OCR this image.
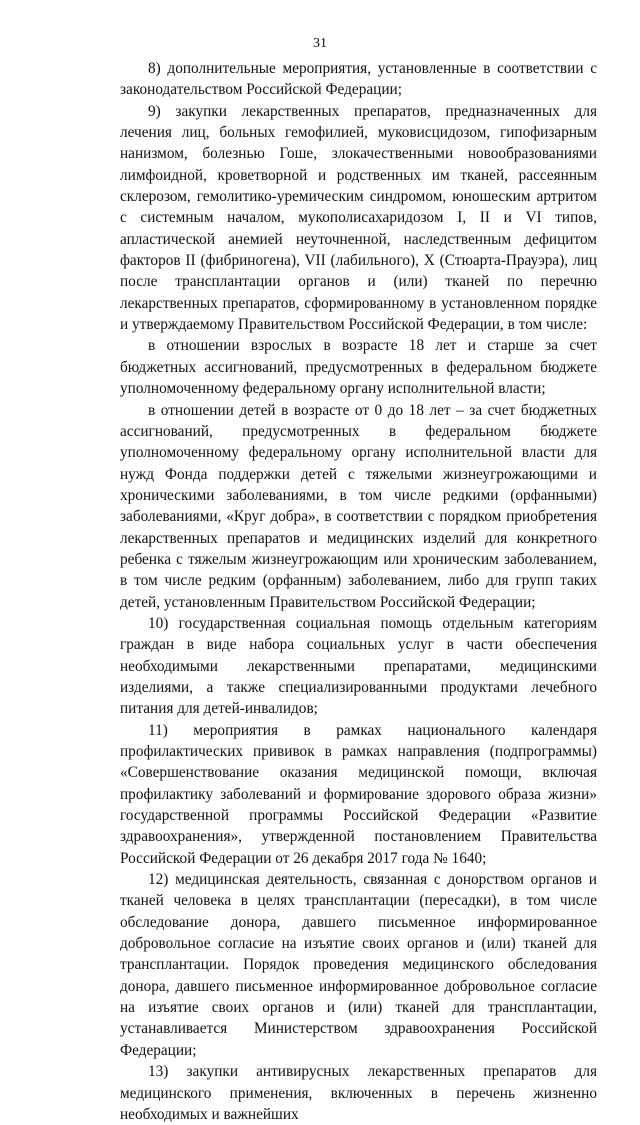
31

8) дополнительные мероприятия, установленные в соответствии с законодательством Российской Федерации;

9) закупки лекарственных препаратов, предназначенных для лечения лиц, больных гемофилией, муковисцидозом, гипофизарным нанизмом, болезнью Гоше, злокачественными новообразованиями лимфоидной, кроветворной и родственных им тканей, рассеянным склерозом, гемолитико-уремическим синдромом, юношеским артритом с системным началом, мукополисахаридозом I, II и VI типов, апластической анемией неуточненной, наследственным дефицитом факторов II (фибриногена), VII (лабильного), X (Стюарта-Прауэра), лиц после трансплантации органов и (или) тканей по перечню лекарственных препаратов, сформированному в установленном порядке и утверждаемому Правительством Российской Федерации, в том числе:

в отношении взрослых в возрасте 18 лет и старше за счет бюджетных ассигнований, предусмотренных в федеральном бюджете уполномоченному федеральному органу исполнительной власти;

в отношении детей в возрасте от 0 до 18 лет – за счет бюджетных ассигнований, предусмотренных в федеральном бюджете уполномоченному федеральному органу исполнительной власти для нужд Фонда поддержки детей с тяжелыми жизнеугрожающими и хроническими заболеваниями, в том числе редкими (орфанными) заболеваниями, «Круг добра», в соответствии с порядком приобретения лекарственных препаратов и медицинских изделий для конкретного ребенка с тяжелым жизнеугрожающим или хроническим заболеванием, в том числе редким (орфанным) заболеванием, либо для групп таких детей, установленным Правительством Российской Федерации;

10) государственная социальная помощь отдельным категориям граждан в виде набора социальных услуг в части обеспечения необходимыми лекарственными препаратами, медицинскими изделиями, а также специализированными продуктами лечебного питания для детей-инвалидов;

11) мероприятия в рамках национального календаря профилактических прививок в рамках направления (подпрограммы) «Совершенствование оказания медицинской помощи, включая профилактику заболеваний и формирование здорового образа жизни» государственной программы Российской Федерации «Развитие здравоохранения», утвержденной постановлением Правительства Российской Федерации от 26 декабря 2017 года № 1640;

12) медицинская деятельность, связанная с донорством органов и тканей человека в целях трансплантации (пересадки), в том числе обследование донора, давшего письменное информированное добровольное согласие на изъятие своих органов и (или) тканей для трансплантации. Порядок проведения медицинского обследования донора, давшего письменное информированное добровольное согласие на изъятие своих органов и (или) тканей для трансплантации, устанавливается Министерством здравоохранения Российской Федерации;

13) закупки антивирусных лекарственных препаратов для медицинского применения, включенных в перечень жизненно необходимых и важнейших
